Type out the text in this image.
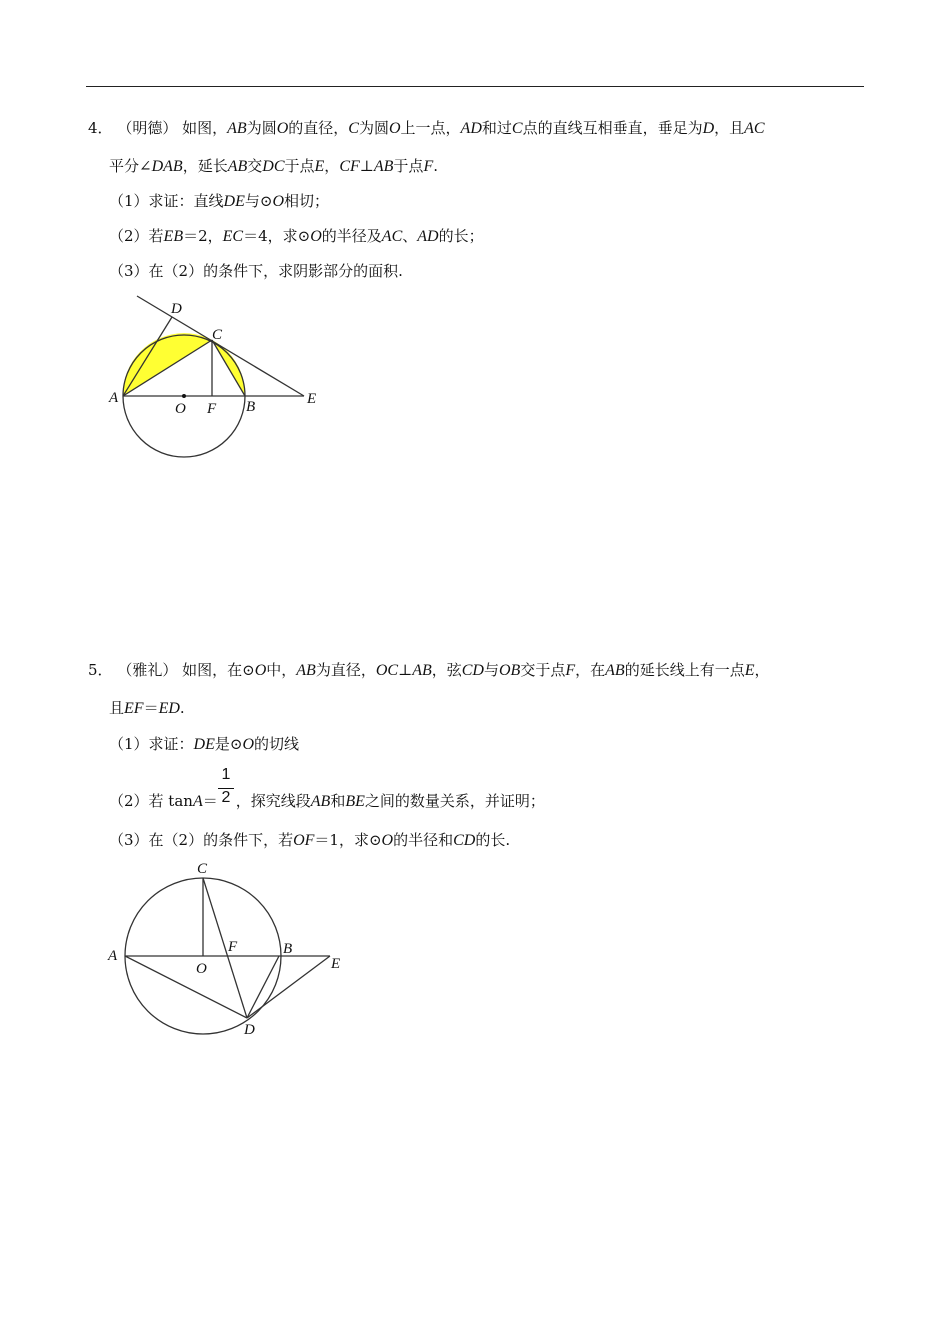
4． （明德） 如图，AB为圆O的直径，C为圆O上一点，AD和过C点的直线互相垂直，垂足为D，且AC
平分∠DAB，延长AB交DC于点E，CF⊥AB于点F.
（1）求证：直线DE与⊙O相切；
（2）若EB＝2，EC＝4，求⊙O的半径及AC、AD的长；
（3）在（2）的条件下，求阴影部分的面积.
D
C
A
O F B	E
5． （雅礼） 如图，在⊙O中，AB为直径，OC⊥AB，弦CD与OB交于点F，在AB的延长线上有一点E，
且EF＝ED.
（1）求证：DE是⊙O的切线
1
2
（2）若 tanA＝ ，探究线段AB和BE之间的数量关系，并证明；
（3）在（2）的条件下，若OF＝1，求⊙O的半径和CD的长.
C
A
O
F	B
E
D
